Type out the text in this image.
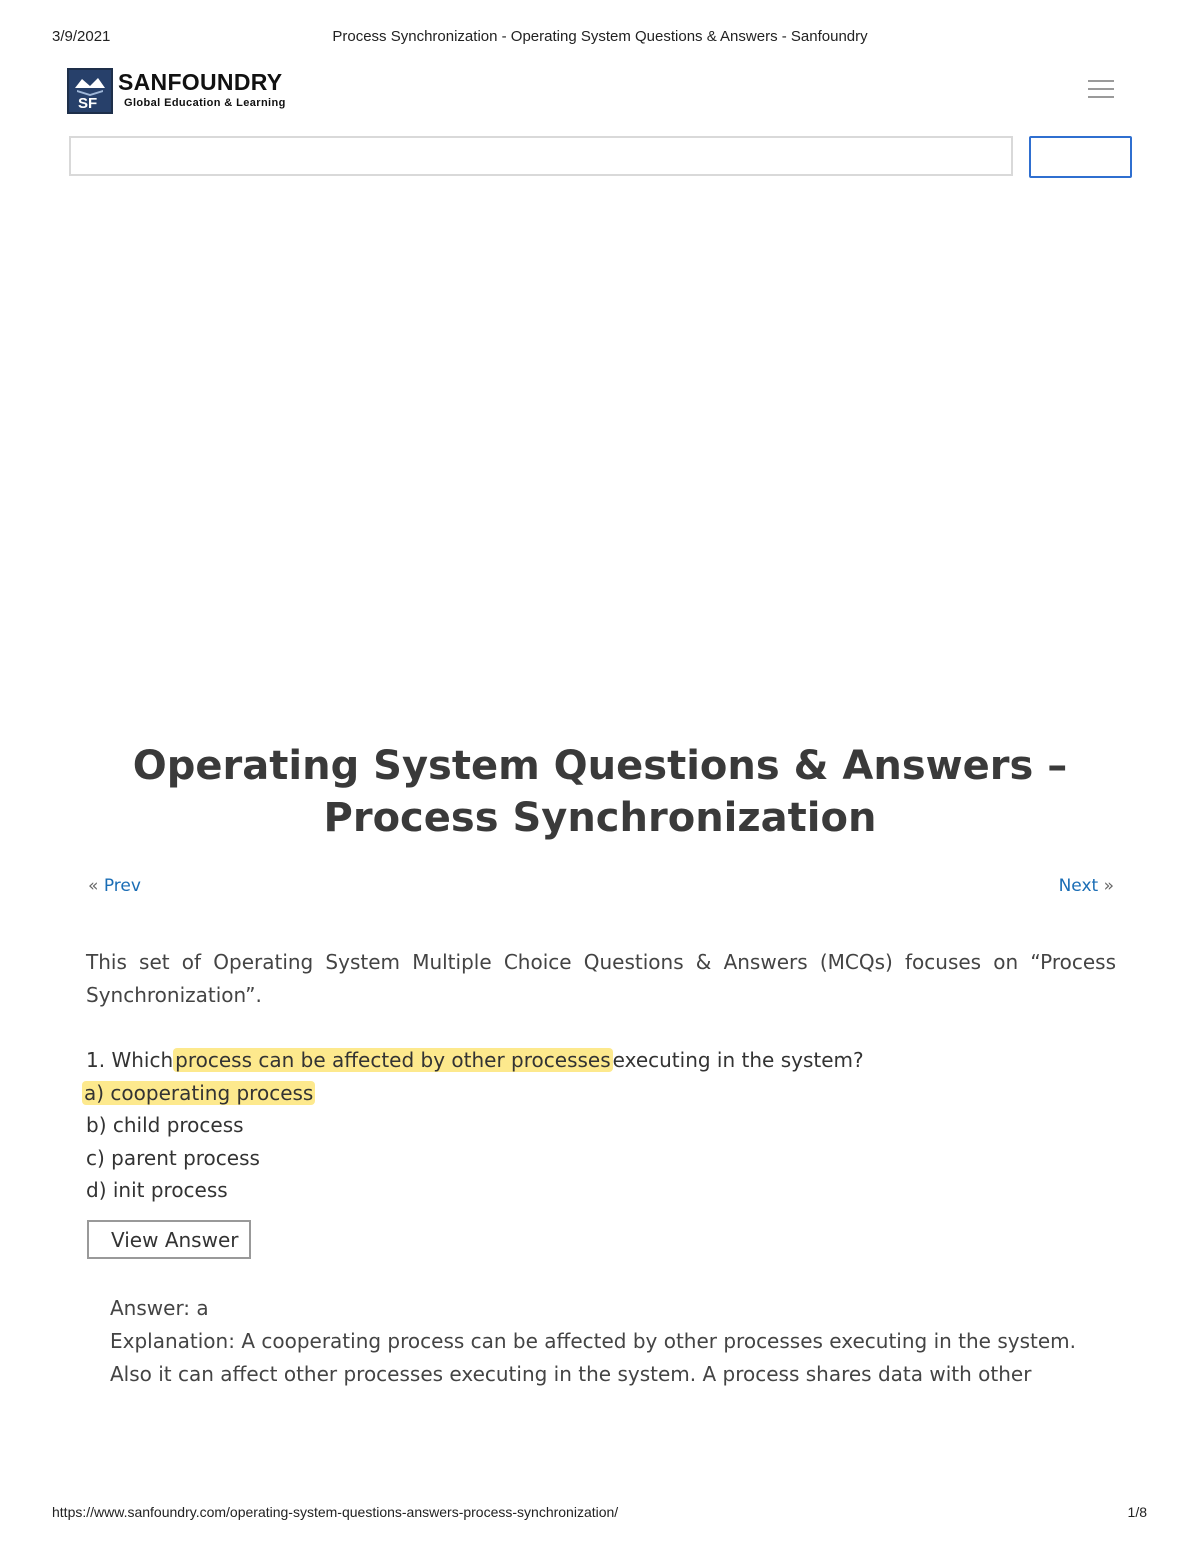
3/9/2021	Process Synchronization - Operating System Questions & Answers - Sanfoundry
SF
SANFOUNDRY
Global Education & Learning
Operating System Questions & Answers – Process Synchronization
« Prev	Next »

This set of Operating System Multiple Choice Questions & Answers (MCQs) focuses on “Process Synchronization”.

1. Which process can be affected by other processes executing in the system?
a) cooperating process
b) child process
c) parent process
d) init process
View Answer
Answer: a
Explanation: A cooperating process can be affected by other processes executing in the system. Also it can affect other processes executing in the system. A process shares data with other
https://www.sanfoundry.com/operating-system-questions-answers-process-synchronization/	1/8
